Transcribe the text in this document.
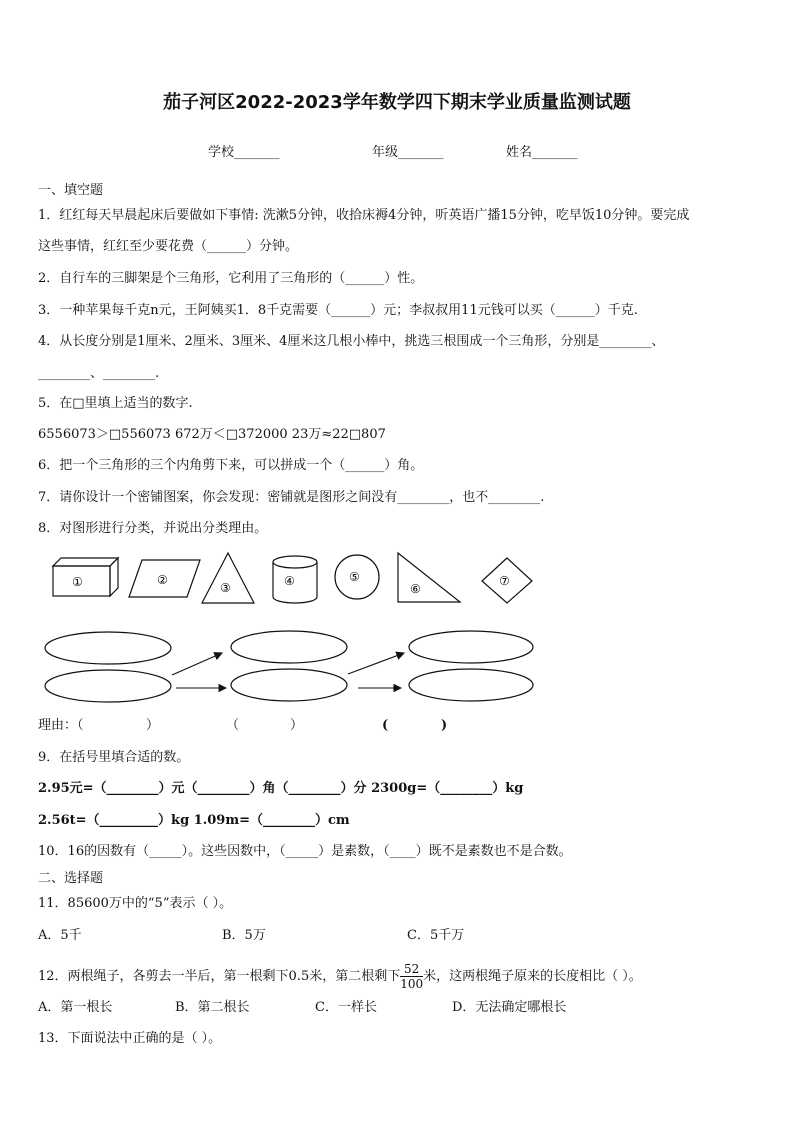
茄子河区2022-2023学年数学四下期末学业质量监测试题
学校_______	年级_______	姓名_______
一、填空题
1．红红每天早晨起床后要做如下事情: 洗漱5分钟，收拾床褥4分钟，听英语广播15分钟，吃早饭10分钟。要完成
这些事情，红红至少要花费（______）分钟。
2．自行车的三脚架是个三角形，它利用了三角形的（______）性。
3．一种苹果每千克n元，王阿姨买1．8千克需要（______）元；李叔叔用11元钱可以买（______）千克.
4．从长度分别是1厘米、2厘米、3厘米、4厘米这几根小棒中，挑选三根围成一个三角形，分别是________、
________、________.
5．在□里填上适当的数字.
6556073＞□556073 672万＜□372000 23万≈22□807
6．把一个三角形的三个内角剪下来，可以拼成一个（______）角。
7．请你设计一个密铺图案，你会发现：密铺就是图形之间没有________，也不________.
8．对图形进行分类，并说出分类理由。
①	②
③	④	⑤
⑥
⑦
理由：（	）	（	）	(	)
9．在括号里填合适的数。
2.95元=（________）元（________）角（________）分 2300g=（________）kg
2.56t=（_________）kg 1.09m=（________）cm
10．16的因数有（_____）。这些因数中，（_____）是素数，（____）既不是素数也不是合数。
二、选择题
11．85600万中的“5”表示（ ）。
A．5千	B．5万	C．5千万
12．两根绳子，各剪去一半后，第一根剩下0.5米，第二根剩下 $\frac{52}{100}$ 米，这两根绳子原来的长度相比（ ）。
A．第一根长	B．第二根长	C．一样长	D．无法确定哪根长
13．下面说法中正确的是（ ）。
